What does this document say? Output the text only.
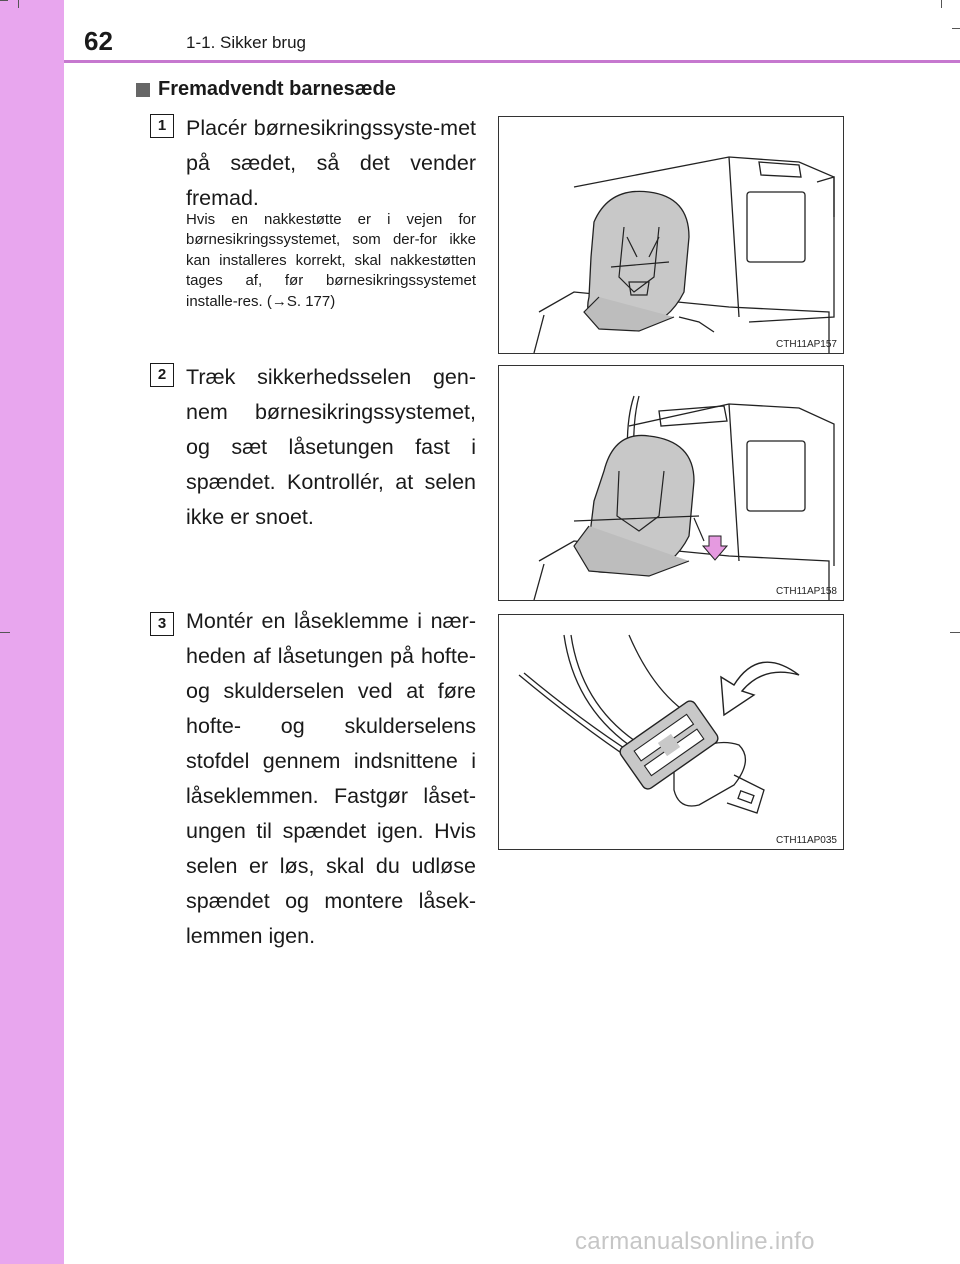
62	1-1. Sikker brug
Fremadvendt barnesæde
1 Placér børnesikringssyste-met på sædet, så det vender fremad.
Hvis en nakkestøtte er i vejen for børnesikringssystemet, som der-for ikke kan installeres korrekt, skal nakkestøtten tages af, før børnesikringssystemet installe-res. (→S. 177)
2 Træk sikkerhedsselen gen-nem børnesikringssystemet, og sæt låsetungen fast i spændet. Kontrollér, at selen ikke er snoet.
3 Montér en låseklemme i nær-heden af låsetungen på hofte- og skulderselen ved at føre hofte- og skulderselens stofdel gennem indsnittene i låseklemmen. Fastgør låset-ungen til spændet igen. Hvis selen er løs, skal du udløse spændet og montere låsek-lemmen igen.
CTH11AP157
CTH11AP158
CTH11AP035
carmanualsonline.info
